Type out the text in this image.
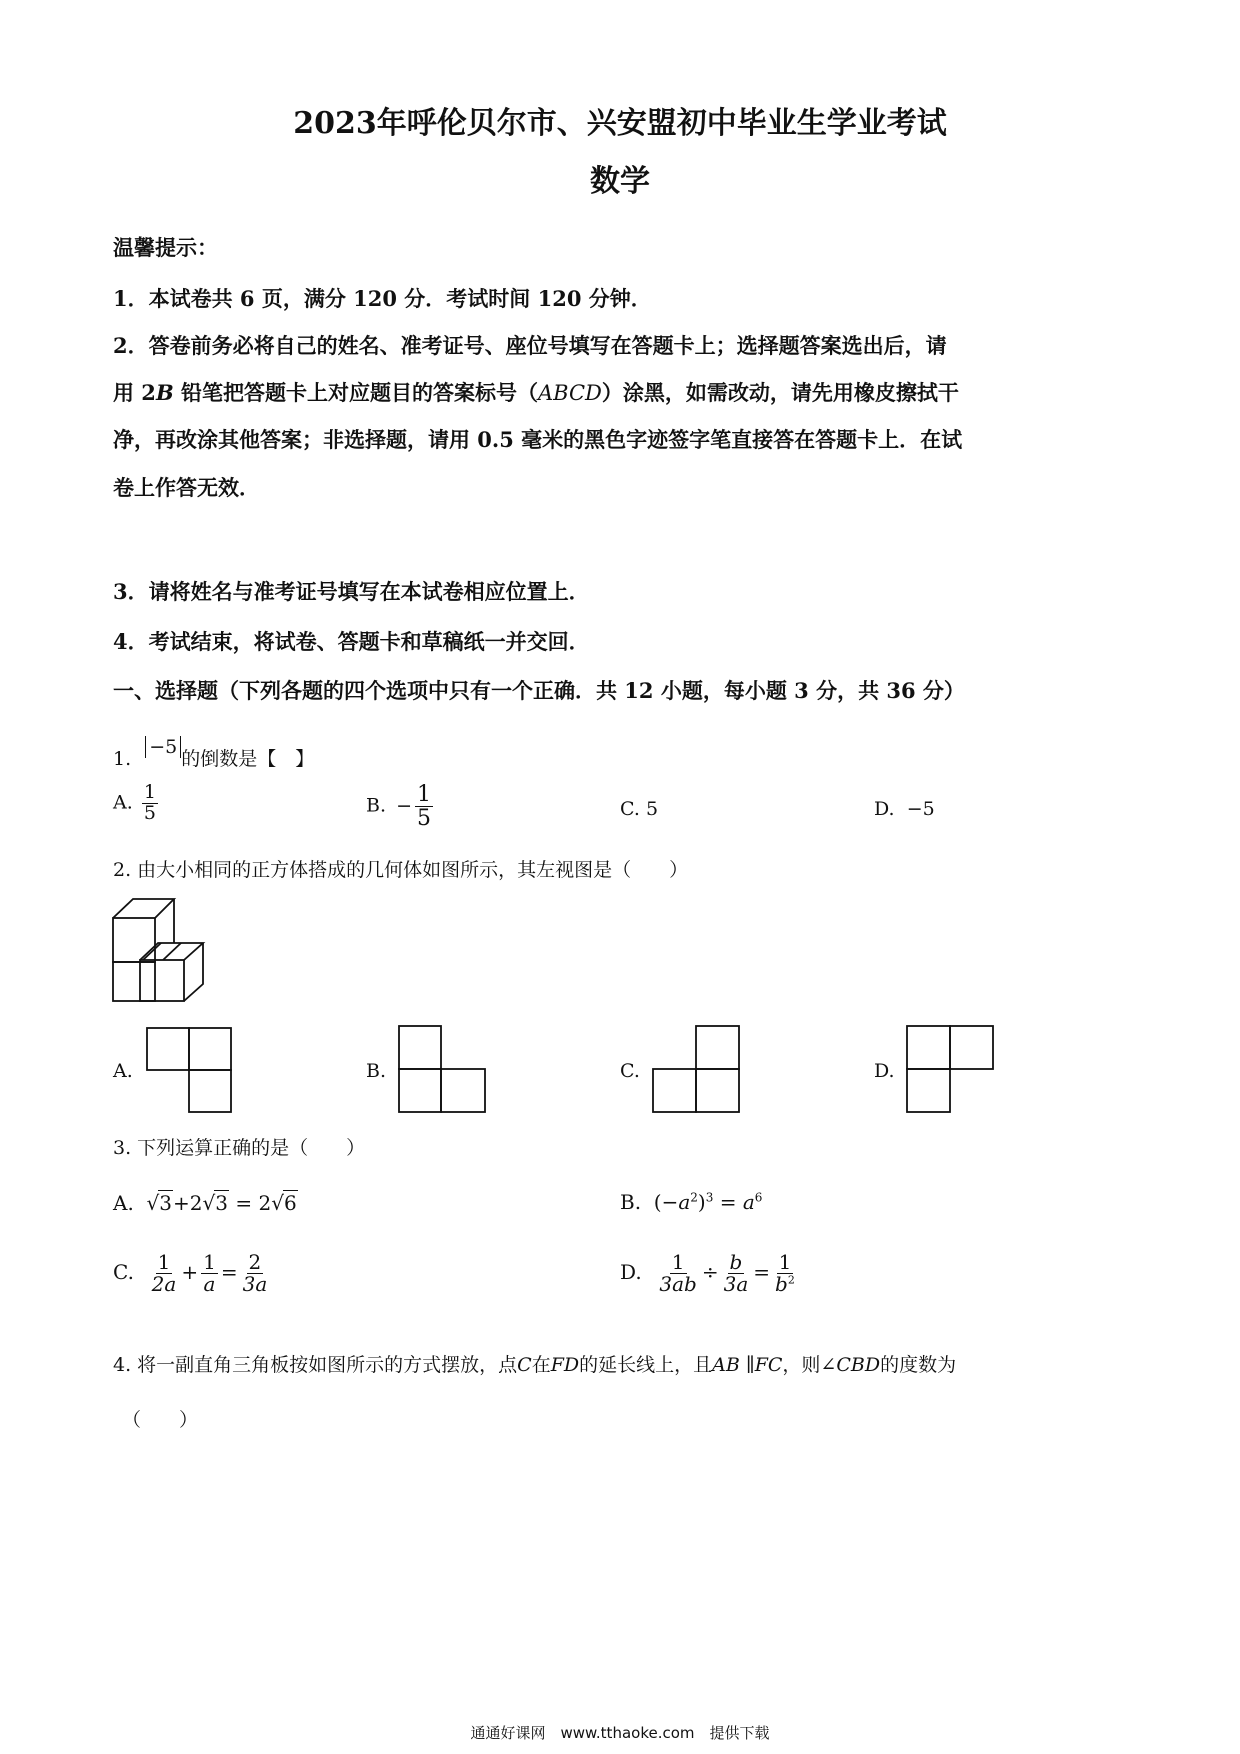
2023年呼伦贝尔市、兴安盟初中毕业生学业考试
数学
温馨提示：
1．本试卷共 6 页，满分 120 分．考试时间 120 分钟．
2．答卷前务必将自己的姓名、准考证号、座位号填写在答题卡上；选择题答案选出后，请
用 2B 铅笔把答题卡上对应题目的答案标号（ABCD）涂黑，如需改动，请先用橡皮擦拭干
净，再改涂其他答案；非选择题，请用 0.5 毫米的黑色字迹签字笔直接答在答题卡上．在试
卷上作答无效．
3．请将姓名与准考证号填写在本试卷相应位置上．
4．考试结束，将试卷、答题卡和草稿纸一并交回．
一、选择题（下列各题的四个选项中只有一个正确．共 12 小题，每小题 3 分，共 36 分）
1. −5的倒数是【　】
A. $\frac{1}{5}$	B. − $\frac{1}{5}$	C. 5	D. −5
2. 由大小相同的正方体搭成的几何体如图所示，其左视图是（　　）
A.	B.	C.	D.
3. 下列运算正确的是（　　）
A. √3+2√3 = 2√6	B. $(-a^2)^3 = a^6$
C. $\frac{1}{2a} + \frac{1}{a} = \frac{2}{3a}$	D. $\frac{1}{3ab} \div \frac{b}{3a} = \frac{1}{b^2}$
4. 将一副直角三角板按如图所示的方式摆放，点C在FD的延长线上，且AB ∥FC，则∠CBD的度数为
（　　）
通通好课网　www.tthaoke.com　提供下载
